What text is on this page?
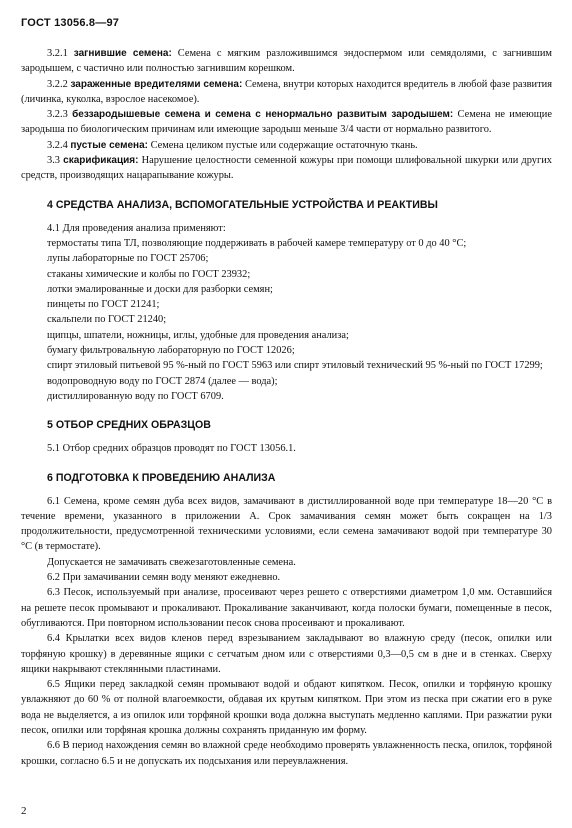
ГОСТ 13056.8—97

3.2.1 загнившие семена: Семена с мягким разложившимся эндоспермом или семядолями, с загнившим зародышем, с частично или полностью загнившим корешком.

3.2.2 зараженные вредителями семена: Семена, внутри которых находится вредитель в любой фазе развития (личинка, куколка, взрослое насекомое).

3.2.3 беззародышевые семена и семена с ненормально развитым зародышем: Семена не имеющие зародыша по биологическим причинам или имеющие зародыш меньше 3/4 части от нормально развитого.

3.2.4 пустые семена: Семена целиком пустые или содержащие остаточную ткань.

3.3 скарификация: Нарушение целостности семенной кожуры при помощи шлифовальной шкурки или других средств, производящих нацарапывание кожуры.

4 СРЕДСТВА АНАЛИЗА, ВСПОМОГАТЕЛЬНЫЕ УСТРОЙСТВА И РЕАКТИВЫ

4.1 Для проведения анализа применяют:

термостаты типа ТЛ, позволяющие поддерживать в рабочей камере температуру от 0 до 40 °С;

лупы лабораторные по ГОСТ 25706;

стаканы химические и колбы по ГОСТ 23932;

лотки эмалированные и доски для разборки семян;

пинцеты по ГОСТ 21241;

скальпели по ГОСТ 21240;

щипцы, шпатели, ножницы, иглы, удобные для проведения анализа;

бумагу фильтровальную лабораторную по ГОСТ 12026;

спирт этиловый питьевой 95 %-ный по ГОСТ 5963 или спирт этиловый технический 95 %-ный по ГОСТ 17299;

водопроводную воду по ГОСТ 2874 (далее — вода);

дистиллированную воду по ГОСТ 6709.

5 ОТБОР СРЕДНИХ ОБРАЗЦОВ

5.1 Отбор средних образцов проводят по ГОСТ 13056.1.

6 ПОДГОТОВКА К ПРОВЕДЕНИЮ АНАЛИЗА

6.1 Семена, кроме семян дуба всех видов, замачивают в дистиллированной воде при температуре 18—20 °С в течение времени, указанного в приложении А. Срок замачивания семян может быть сокращен на 1/3 продолжительности, предусмотренной техническими условиями, если семена замачивают водой при температуре 30 °С (в термостате).

Допускается не замачивать свежезаготовленные семена.

6.2 При замачивании семян воду меняют ежедневно.

6.3 Песок, используемый при анализе, просеивают через решето с отверстиями диаметром 1,0 мм. Оставшийся на решете песок промывают и прокаливают. Прокаливание заканчивают, когда полоски бумаги, помещенные в песок, обугливаются. При повторном использовании песок снова просеивают и прокаливают.

6.4 Крылатки всех видов кленов перед взрезыванием закладывают во влажную среду (песок, опилки или торфяную крошку) в деревянные ящики с сетчатым дном или с отверстиями 0,3—0,5 см в дне и в стенках. Сверху ящики накрывают стеклянными пластинами.

6.5 Ящики перед закладкой семян промывают водой и обдают кипятком. Песок, опилки и торфяную крошку увлажняют до 60 % от полной влагоемкости, обдавая их крутым кипятком. При этом из песка при сжатии его в руке вода не выделяется, а из опилок или торфяной крошки вода должна выступать медленно каплями. При разжатии руки песок, опилки или торфяная крошка должны сохранять приданную им форму.

6.6 В период нахождения семян во влажной среде необходимо проверять увлажненность песка, опилок, торфяной крошки, согласно 6.5 и не допускать их подсыхания или переувлажнения.

2
